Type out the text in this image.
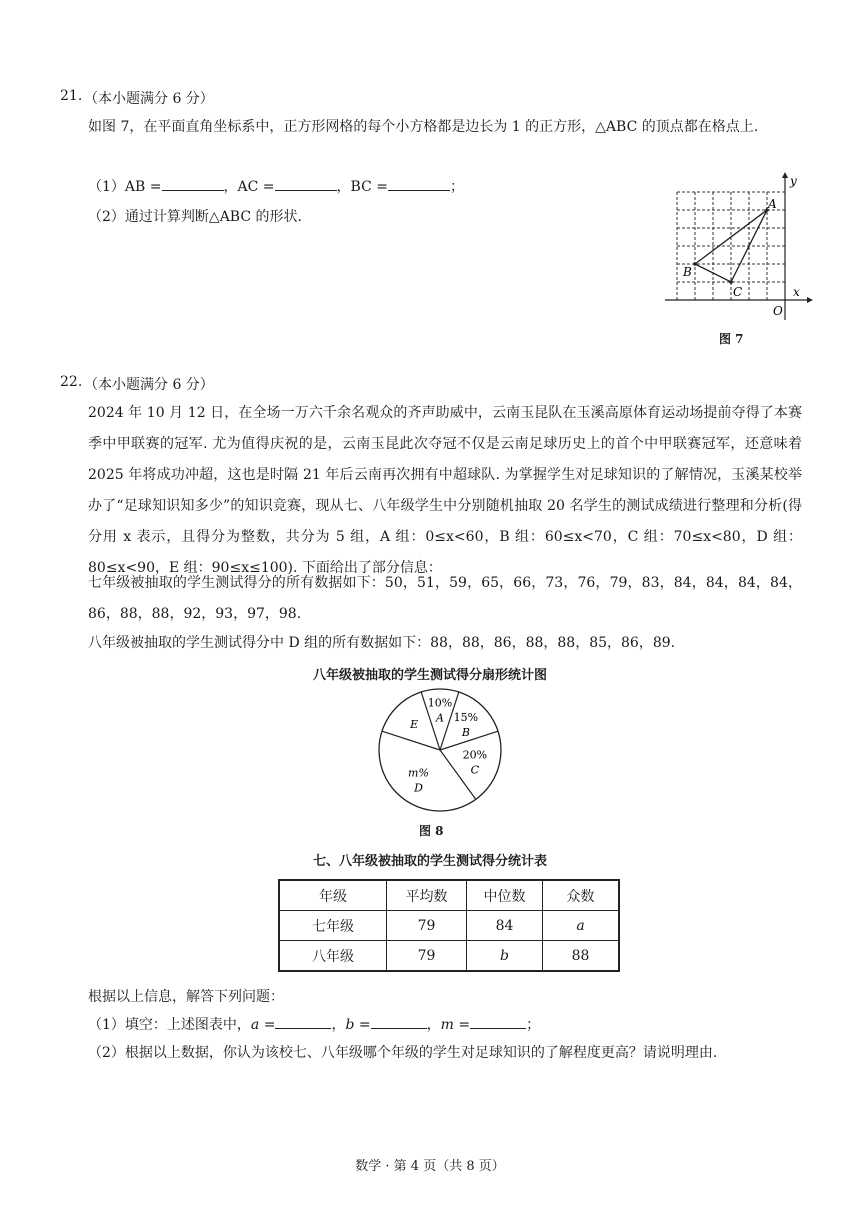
21. （本小题满分 6 分）
如图 7，在平面直角坐标系中，正方形网格的每个小方格都是边长为 1 的正方形，△ABC 的顶点都在格点上.
（1）AB =	，AC =	，BC =	；
（2）通过计算判断△ABC 的形状.
A
B
C
y
x
O
图 7
22. （本小题满分 6 分）
2024 年 10 月 12 日，在全场一万六千余名观众的齐声助威中，云南玉昆队在玉溪高原体育运动场提前夺得了本赛季中甲联赛的冠军. 尤为值得庆祝的是，云南玉昆此次夺冠不仅是云南足球历史上的首个中甲联赛冠军，还意味着 2025 年将成功冲超，这也是时隔 21 年后云南再次拥有中超球队. 为掌握学生对足球知识的了解情况，玉溪某校举办了“足球知识知多少”的知识竞赛，现从七、八年级学生中分别随机抽取 20 名学生的测试成绩进行整理和分析(得分用 x 表示，且得分为整数，共分为 5 组，A 组：0≤x<60，B 组：60≤x<70，C 组：70≤x<80，D 组：80≤x<90，E 组：90≤x≤100). 下面给出了部分信息：
七年级被抽取的学生测试得分的所有数据如下：50，51，59，65，66，73，76，79，83，84，84，84，84，86，88，88，92，93，97，98.
八年级被抽取的学生测试得分中 D 组的所有数据如下：88，88，86，88，88，85，86，89.
八年级被抽取的学生测试得分扇形统计图
10%
A 15%
B
20%
C
m%
D
E
图 8
七、八年级被抽取的学生测试得分统计表
年级	平均数	中位数	众数
七年级	79	84	a
八年级	79	b	88
根据以上信息，解答下列问题：
（1）填空：上述图表中，a =	，b =	，m =	；
（2）根据以上数据，你认为该校七、八年级哪个年级的学生对足球知识的了解程度更高？请说明理由.
数学 · 第 4 页（共 8 页）
